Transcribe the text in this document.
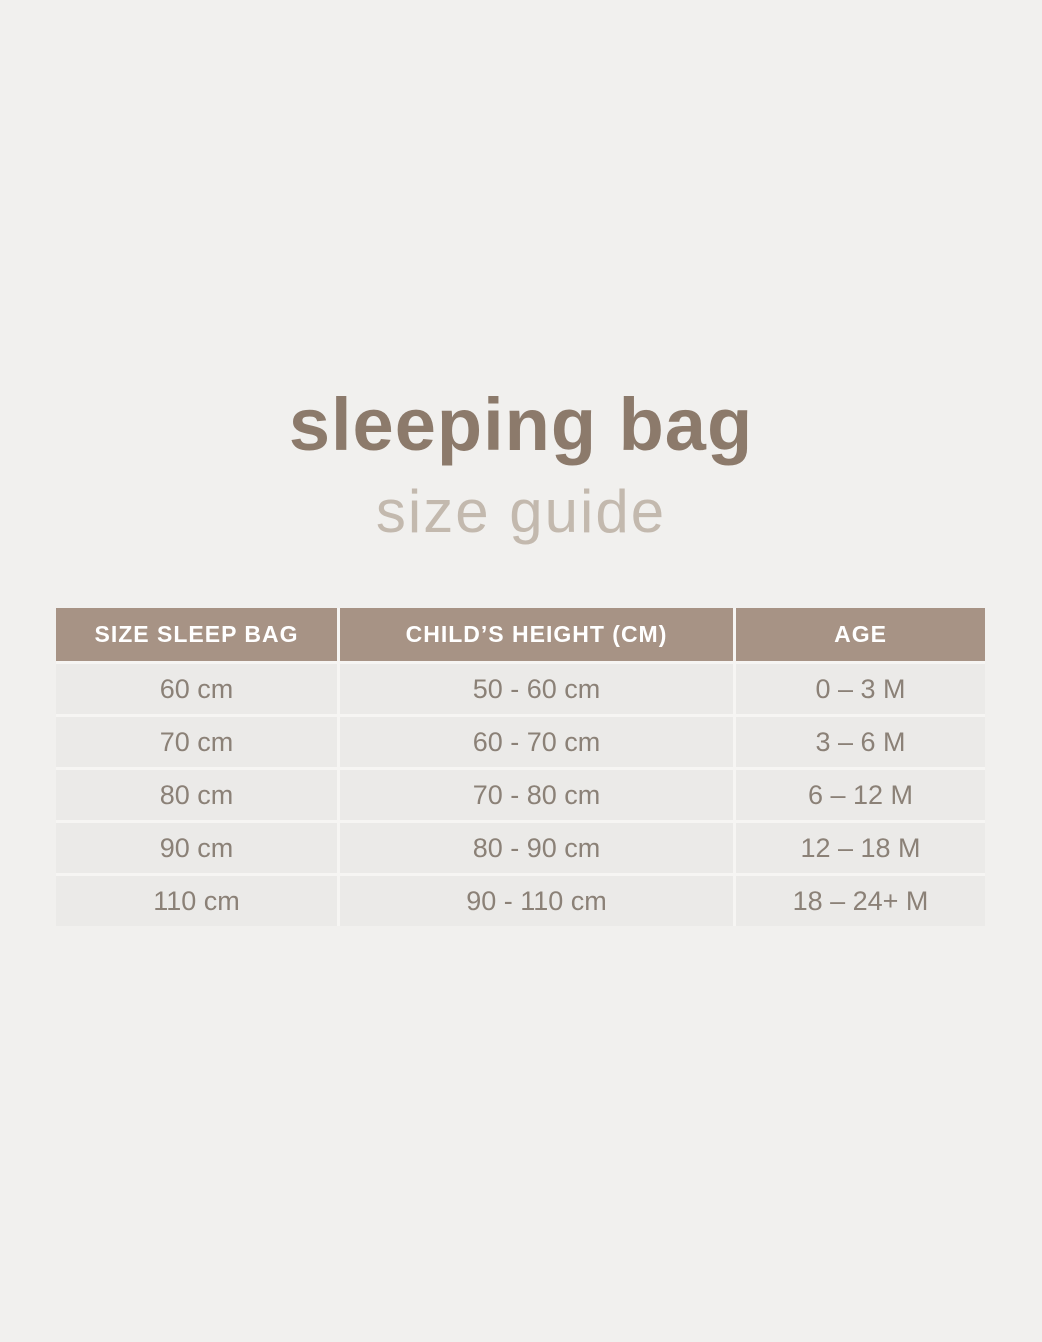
sleeping bag
size guide
SIZE SLEEP BAG	CHILD’S HEIGHT (CM)	AGE
60 cm	50 - 60 cm	0 – 3 M
70 cm	60 - 70 cm	3 – 6 M
80 cm	70 - 80 cm	6 – 12 M
90 cm	80 - 90 cm	12 – 18 M
110 cm	90 - 110 cm	18 – 24+ M
